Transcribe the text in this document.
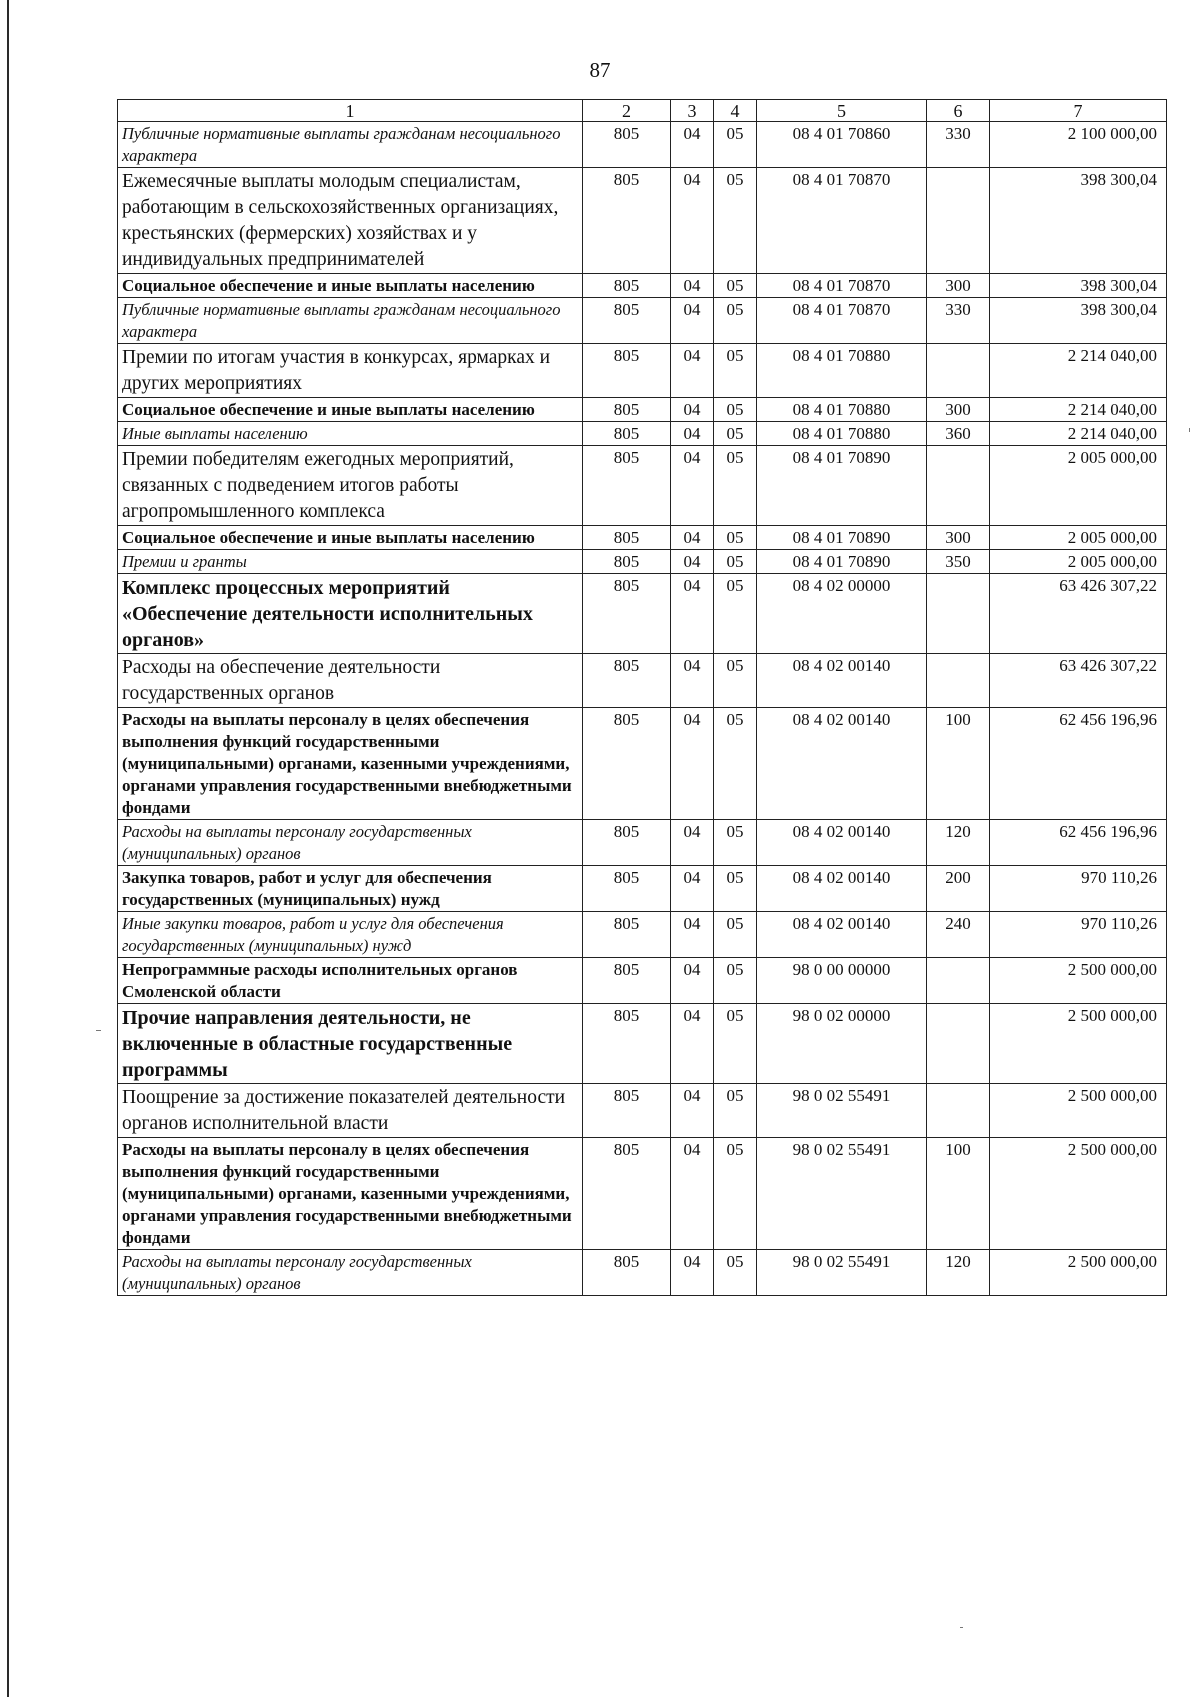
87
1	2	3	4	5	6	7
Публичные нормативные выплаты гражданам несоциального характера	805	04	05	08 4 01 70860	330	2 100 000,00
Ежемесячные выплаты молодым специалистам, работающим в сельскохозяйственных организациях, крестьянских (фермерских) хозяйствах и у индивидуальных предпринимателей	805	04	05	08 4 01 70870		398 300,04
Социальное обеспечение и иные выплаты населению	805	04	05	08 4 01 70870	300	398 300,04
Публичные нормативные выплаты гражданам несоциального характера	805	04	05	08 4 01 70870	330	398 300,04
Премии по итогам участия в конкурсах, ярмарках и других мероприятиях	805	04	05	08 4 01 70880		2 214 040,00
Социальное обеспечение и иные выплаты населению	805	04	05	08 4 01 70880	300	2 214 040,00
Иные выплаты населению	805	04	05	08 4 01 70880	360	2 214 040,00
Премии победителям ежегодных мероприятий, связанных с подведением итогов работы агропромышленного комплекса	805	04	05	08 4 01 70890		2 005 000,00
Социальное обеспечение и иные выплаты населению	805	04	05	08 4 01 70890	300	2 005 000,00
Премии и гранты	805	04	05	08 4 01 70890	350	2 005 000,00
Комплекс процессных мероприятий «Обеспечение деятельности исполнительных органов»	805	04	05	08 4 02 00000		63 426 307,22
Расходы на обеспечение деятельности государственных органов	805	04	05	08 4 02 00140		63 426 307,22
Расходы на выплаты персоналу в целях обеспечения выполнения функций государственными (муниципальными) органами, казенными учреждениями, органами управления государственными внебюджетными фондами	805	04	05	08 4 02 00140	100	62 456 196,96
Расходы на выплаты персоналу государственных (муниципальных) органов	805	04	05	08 4 02 00140	120	62 456 196,96
Закупка товаров, работ и услуг для обеспечения государственных (муниципальных) нужд	805	04	05	08 4 02 00140	200	970 110,26
Иные закупки товаров, работ и услуг для обеспечения государственных (муниципальных) нужд	805	04	05	08 4 02 00140	240	970 110,26
Непрограммные расходы исполнительных органов Смоленской области	805	04	05	98 0 00 00000		2 500 000,00
Прочие направления деятельности, не включенные в областные государственные программы	805	04	05	98 0 02 00000		2 500 000,00
Поощрение за достижение показателей деятельности органов исполнительной власти	805	04	05	98 0 02 55491		2 500 000,00
Расходы на выплаты персоналу в целях обеспечения выполнения функций государственными (муниципальными) органами, казенными учреждениями, органами управления государственными внебюджетными фондами	805	04	05	98 0 02 55491	100	2 500 000,00
Расходы на выплаты персоналу государственных (муниципальных) органов	805	04	05	98 0 02 55491	120	2 500 000,00
